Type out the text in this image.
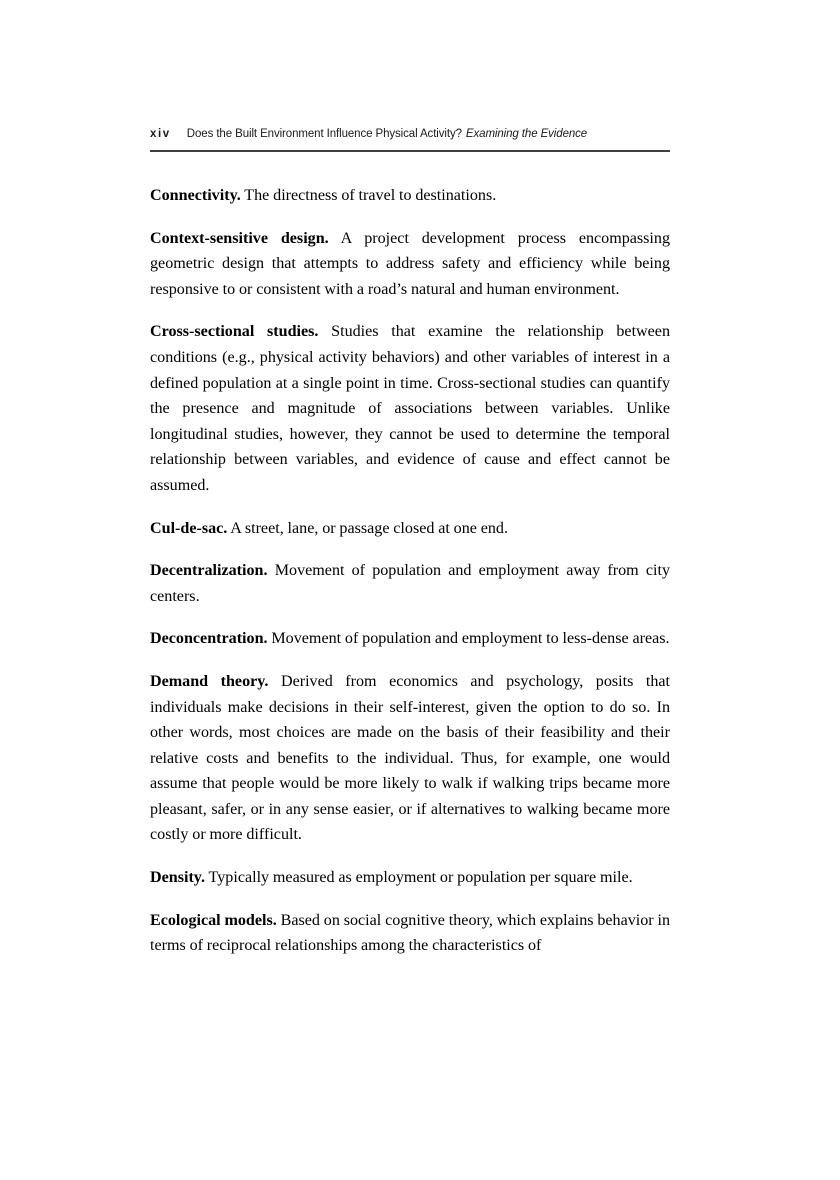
xiv Does the Built Environment Influence Physical Activity? Examining the Evidence

Connectivity. The directness of travel to destinations.

Context-sensitive design. A project development process encompassing geometric design that attempts to address safety and efficiency while being responsive to or consistent with a road’s natural and human environment.

Cross-sectional studies. Studies that examine the relationship between conditions (e.g., physical activity behaviors) and other variables of interest in a defined population at a single point in time. Cross-sectional studies can quantify the presence and magnitude of associations between variables. Unlike longitudinal studies, however, they cannot be used to determine the temporal relationship between variables, and evidence of cause and effect cannot be assumed.

Cul-de-sac. A street, lane, or passage closed at one end.

Decentralization. Movement of population and employment away from city centers.

Deconcentration. Movement of population and employment to less-dense areas.

Demand theory. Derived from economics and psychology, posits that individuals make decisions in their self-interest, given the option to do so. In other words, most choices are made on the basis of their feasibility and their relative costs and benefits to the individual. Thus, for example, one would assume that people would be more likely to walk if walking trips became more pleasant, safer, or in any sense easier, or if alternatives to walking became more costly or more difficult.

Density. Typically measured as employment or population per square mile.

Ecological models. Based on social cognitive theory, which explains behavior in terms of reciprocal relationships among the characteristics of
